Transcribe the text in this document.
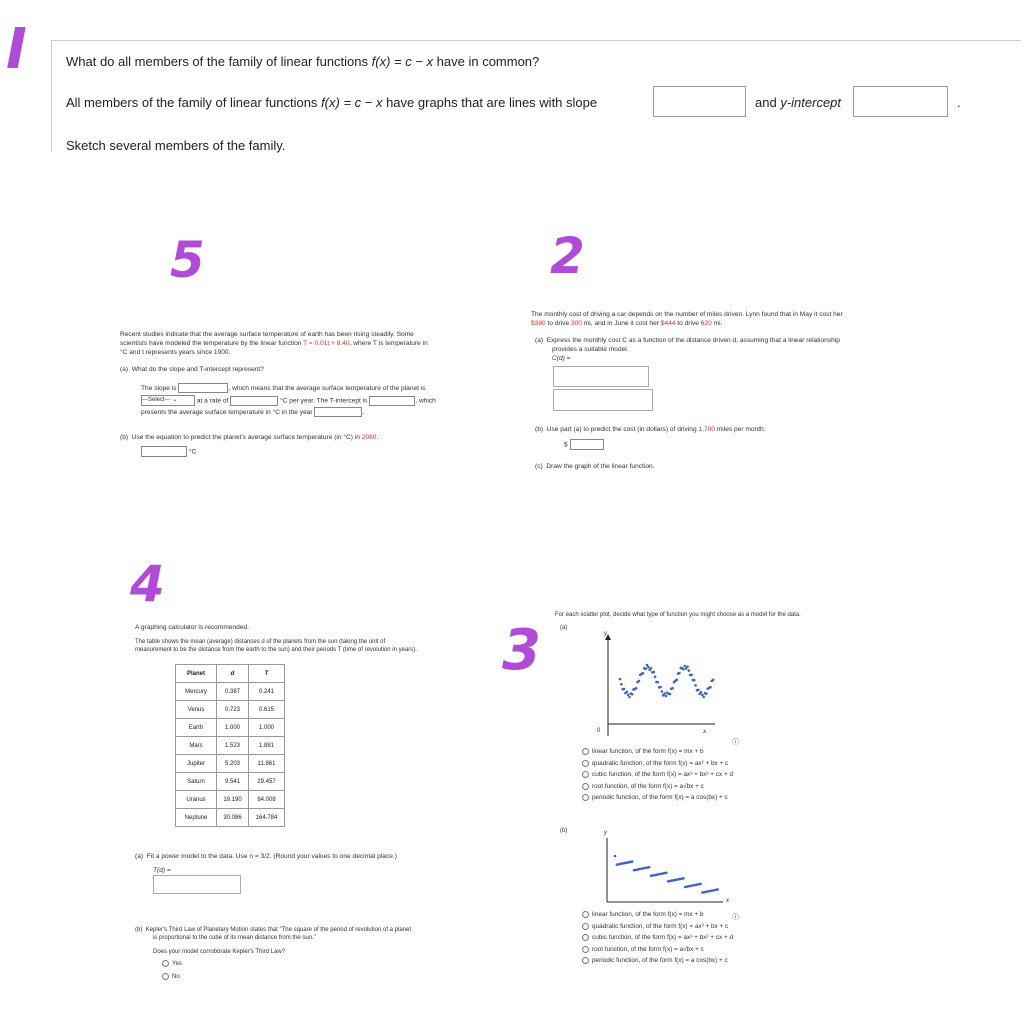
I	What do all members of the family of linear functions f(x) = c − x have in common?
All members of the family of linear functions f(x) = c − x have graphs that are lines with slope	and y-intercept	.
Sketch several members of the family.
5
Recent studies indicate that the average surface temperature of earth has been rising steadily. Some
scientists have modeled the temperature by the linear function T = 0.01t + 8.40, where T is temperature in
°C and t represents years since 1900.
(a) What do the slope and T-intercept represent?
The slope is	, which means that the average surface temperature of the planet is
---Select--- ⌄	at a rate of	°C per year. The T-intercept is	, which
presents the average surface temperature in °C in the year	.
(b) Use the equation to predict the planet's average surface temperature (in °C) in 2080.
°C
2
The monthly cost of driving a car depends on the number of miles driven. Lynn found that in May it cost her
$380 to drive 300 mi, and in June it cost her $444 to drive 620 mi.
(a) Express the monthly cost C as a function of the distance driven d, assuming that a linear relationship
provides a suitable model.
C(d) =
(b) Use part (a) to predict the cost (in dollars) of driving 1,700 miles per month.
$
(c) Draw the graph of the linear function.
4
A graphing calculator is recommended.
The table shows the mean (average) distances d of the planets from the sun (taking the unit of
measurement to be the distance from the earth to the sun) and their periods T (time of revolution in years).
Planet	d	T
Mercury	0.387	0.241
Venus	0.723	0.615
Earth	1.000	1.000
Mars	1.523	1.881
Jupiter	5.203	11.861
Saturn	9.541	29.457
Uranus	19.190	84.008
Neptune	30.086	164.784
(a) Fit a power model to the data. Use n = 3/2. (Round your values to one decimal place.)
T(d) =
(b) Kepler's Third Law of Planetary Motion states that "The square of the period of revolution of a planet
is proportional to the cube of its mean distance from the sun."
Does your model corroborate Kepler's Third Law?
Yes
No
3
For each scatter plot, decide what type of function you might choose as a model for the data.
(a)
y
x
0
ⓘ
linear function, of the form f(x) = mx + b
quadratic function, of the form f(x) = ax² + bx + c
cubic function, of the form f(x) = ax³ + bx² + cx + d
root function, of the form f(x) = a√bx + c
periodic function, of the form f(x) = a cos(bx) + c
(b)	y
x
ⓘ
linear function, of the form f(x) = mx + b
quadratic function, of the form f(x) = ax² + bx + c
cubic function, of the form f(x) = ax³ + bx² + cx + d
root function, of the form f(x) = a√bx + c
periodic function, of the form f(x) = a cos(bx) + c
